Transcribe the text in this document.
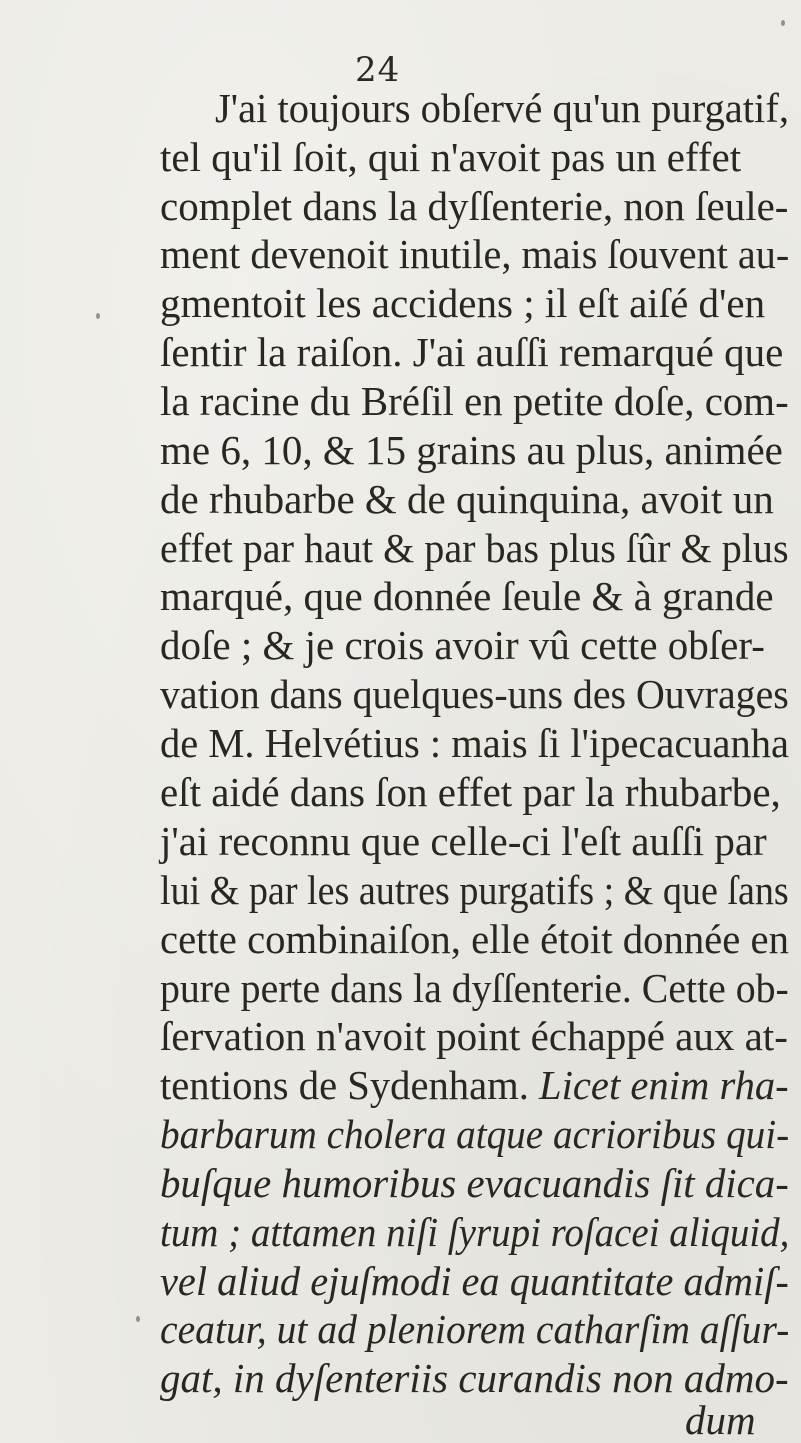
24
J'ai toujours obſervé qu'un purgatif,
tel qu'il ſoit, qui n'avoit pas un effet
complet dans la dyſſenterie, non ſeule-
ment devenoit inutile, mais ſouvent au-
gmentoit les accidens ; il eſt aiſé d'en
ſentir la raiſon. J'ai auſſi remarqué que
la racine du Bréſil en petite doſe, com-
me 6, 10, & 15 grains au plus, animée
de rhubarbe & de quinquina, avoit un
effet par haut & par bas plus ſûr & plus
marqué, que donnée ſeule & à grande
doſe ; & je crois avoir vû cette obſer-
vation dans quelques-uns des Ouvrages
de M. Helvétius : mais ſi l'ipecacuanha
eſt aidé dans ſon effet par la rhubarbe,
j'ai reconnu que celle-ci l'eſt auſſi par
lui & par les autres purgatifs ; & que ſans
cette combinaiſon, elle étoit donnée en
pure perte dans la dyſſenterie. Cette ob-
ſervation n'avoit point échappé aux at-
tentions de Sydenham. Licet enim rha-
barbarum cholera atque acrioribus qui-
buſque humoribus evacuandis ſit dica-
tum ; attamen niſi ſyrupi roſacei aliquid,
vel aliud ejuſmodi ea quantitate admiſ-
ceatur, ut ad pleniorem catharſim aſſur-
gat, in dyſenteriis curandis non admo-
dum
